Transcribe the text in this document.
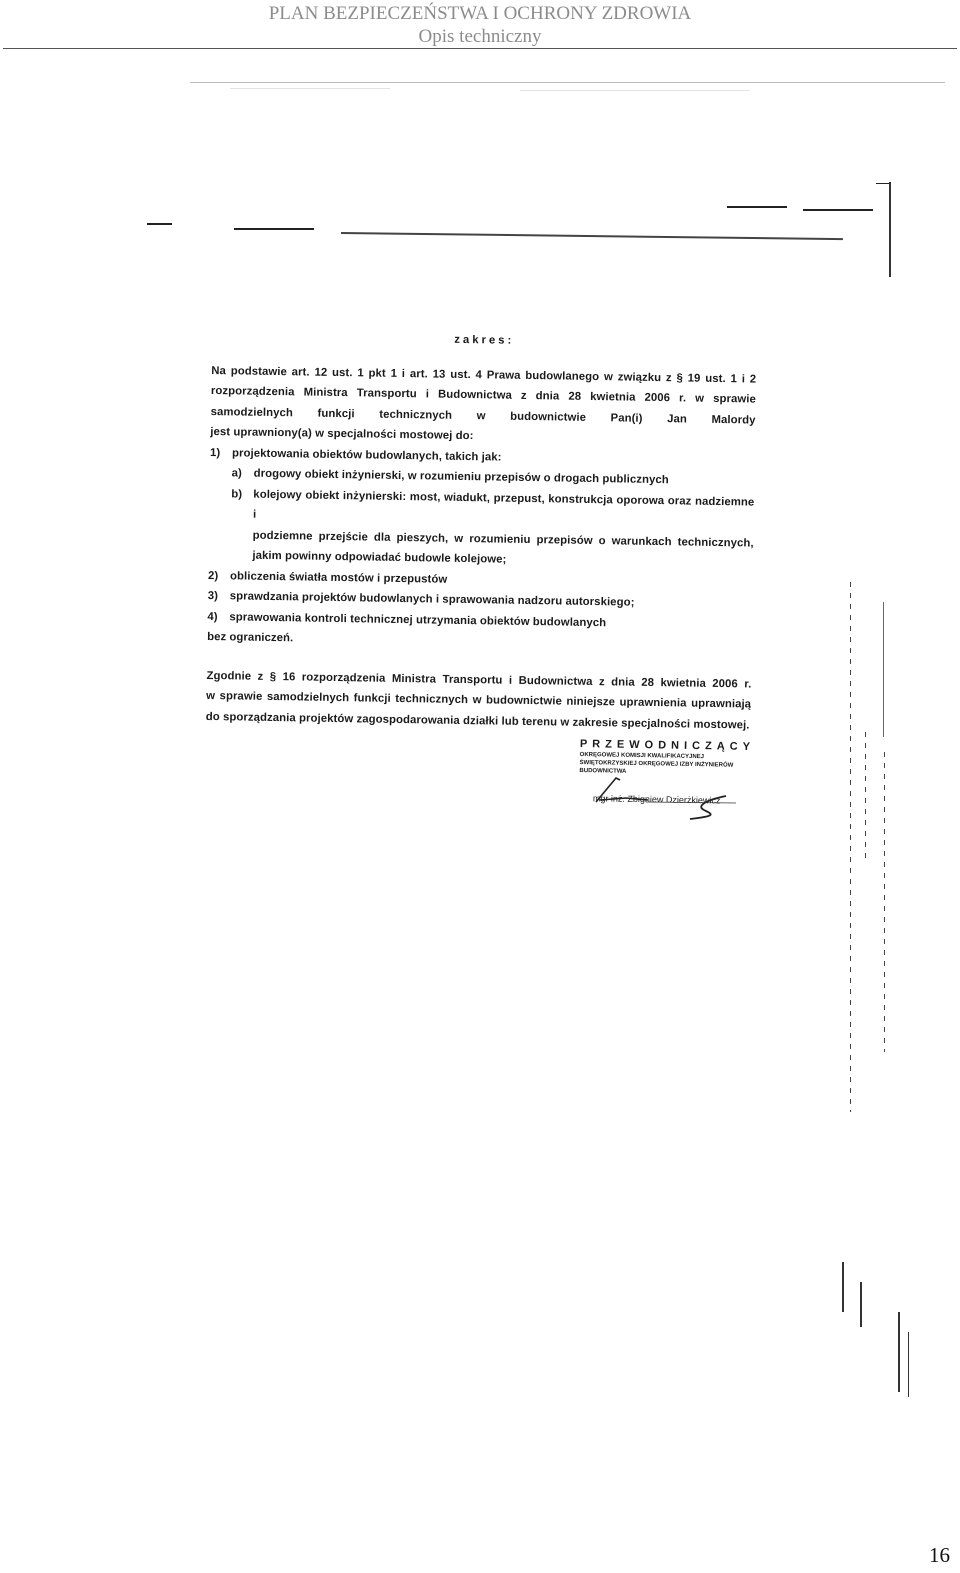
PLAN BEZPIECZEŃSTWA I OCHRONY ZDROWIA
Opis techniczny

zakres:

Na podstawie art. 12 ust. 1 pkt 1 i art. 13 ust. 4 Prawa budowlanego w związku z § 19 ust. 1 i 2

rozporządzenia Ministra Transportu i Budownictwa z dnia 28 kwietnia 2006 r. w sprawie

samodzielnych funkcji technicznych w budownictwie Pan(i) Jan Malordy

jest uprawniony(a) w specjalności mostowej do:

1) projektowania obiektów budowlanych, takich jak:

a) drogowy obiekt inżynierski, w rozumieniu przepisów o drogach publicznych

b) kolejowy obiekt inżynierski: most, wiadukt, przepust, konstrukcja oporowa oraz nadziemne i

podziemne przejście dla pieszych, w rozumieniu przepisów o warunkach technicznych,

jakim powinny odpowiadać budowle kolejowe;

2) obliczenia światła mostów i przepustów

3) sprawdzania projektów budowlanych i sprawowania nadzoru autorskiego;

4) sprawowania kontroli technicznej utrzymania obiektów budowlanych

bez ograniczeń.

Zgodnie z § 16 rozporządzenia Ministra Transportu i Budownictwa z dnia 28 kwietnia 2006 r.

w sprawie samodzielnych funkcji technicznych w budownictwie niniejsze uprawnienia uprawniają

do sporządzania projektów zagospodarowania działki lub terenu w zakresie specjalności mostowej.

PRZEWODNICZĄCY
OKRĘGOWEJ KOMISJI KWALIFIKACYJNEJ
ŚWIĘTOKRZYSKIEJ OKRĘGOWEJ IZBY INŻYNIERÓW BUDOWNICTWA
mgr inż. Zbigniew Dzierżkiewicz
16
